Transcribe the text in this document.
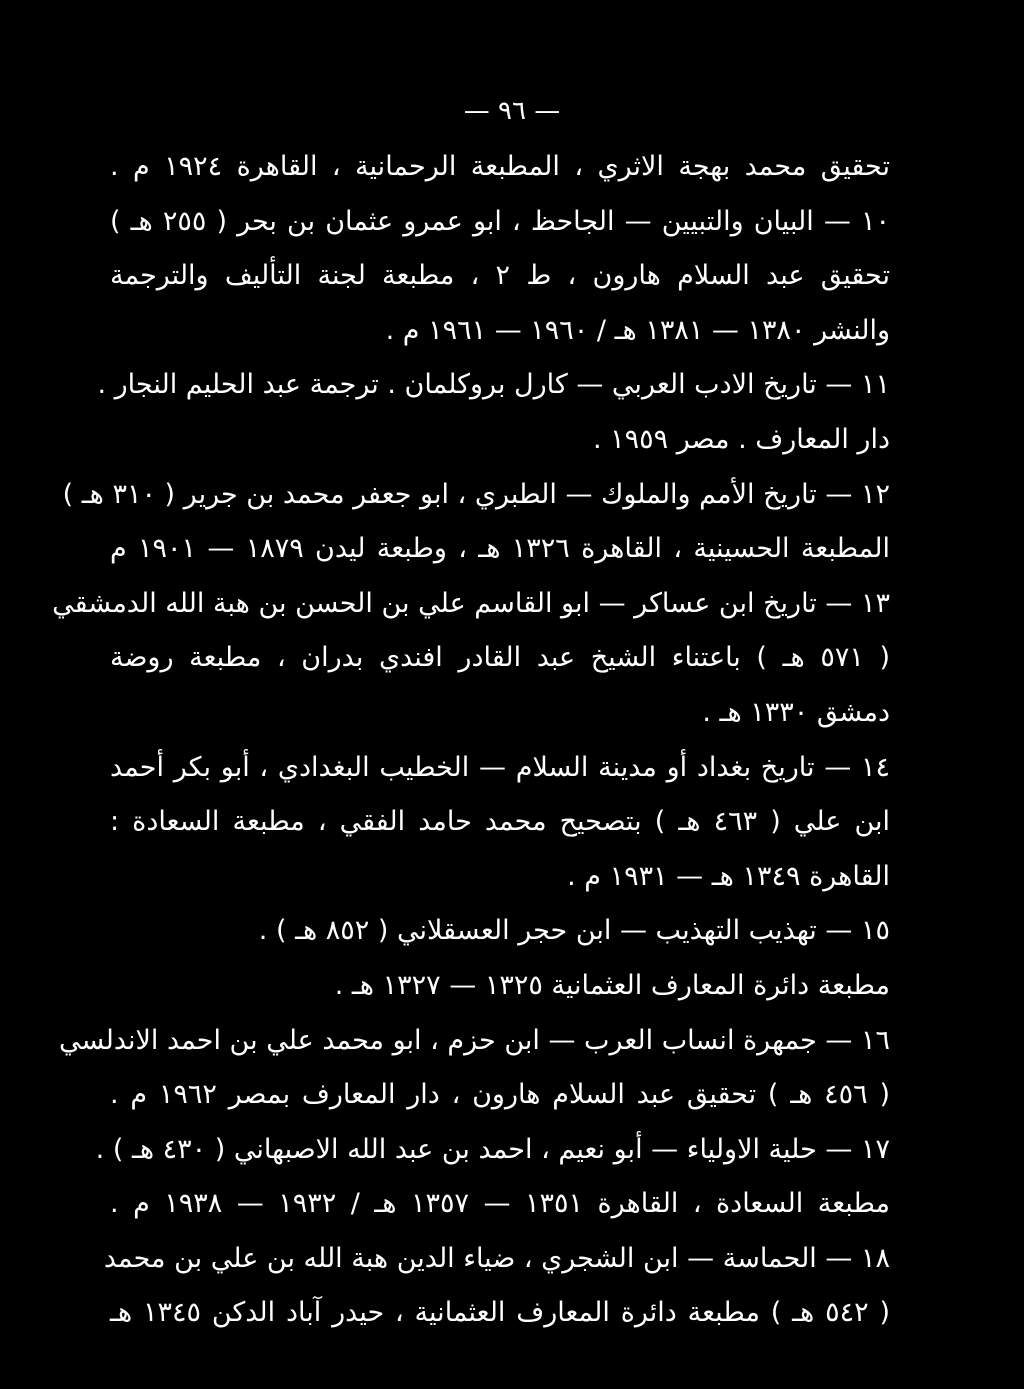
— ٩٦ —
تحقيق محمد بهجة الاثري ، المطبعة الرحمانية ، القاهرة ١٩٢٤ م .
١٠ — البيان والتبيين — الجاحظ ، ابو عمرو عثمان بن بحر ( ٢٥٥ هـ )
تحقيق عبد السلام هارون ، ط ٢ ، مطبعة لجنة التأليف والترجمة
والنشر ١٣٨٠ — ١٣٨١ هـ / ١٩٦٠ — ١٩٦١ م .
١١ — تاريخ الادب العربي — كارل بروكلمان . ترجمة عبد الحليم النجار .
دار المعارف . مصر ١٩٥٩ .
١٢ — تاريخ الأمم والملوك — الطبري ، ابو جعفر محمد بن جرير ( ٣١٠ هـ )
المطبعة الحسينية ، القاهرة ١٣٢٦ هـ ، وطبعة ليدن ١٨٧٩ — ١٩٠١ م
١٣ — تاريخ ابن عساكر — ابو القاسم علي بن الحسن بن هبة الله الدمشقي
( ٥٧١ هـ ) باعتناء الشيخ عبد القادر افندي بدران ، مطبعة روضة
دمشق ١٣٣٠ هـ .
١٤ — تاريخ بغداد أو مدينة السلام — الخطيب البغدادي ، أبو بكر أحمد
ابن علي ( ٤٦٣ هـ ) بتصحيح محمد حامد الفقي ، مطبعة السعادة :
القاهرة ١٣٤٩ هـ — ١٩٣١ م .
١٥ — تهذيب التهذيب — ابن حجر العسقلاني ( ٨٥٢ هـ ) .
مطبعة دائرة المعارف العثمانية ١٣٢٥ — ١٣٢٧ هـ .
١٦ — جمهرة انساب العرب — ابن حزم ، ابو محمد علي بن احمد الاندلسي
( ٤٥٦ هـ ) تحقيق عبد السلام هارون ، دار المعارف بمصر ١٩٦٢ م .
١٧ — حلية الاولياء — أبو نعيم ، احمد بن عبد الله الاصبهاني ( ٤٣٠ هـ ) .
مطبعة السعادة ، القاهرة ١٣٥١ — ١٣٥٧ هـ / ١٩٣٢ — ١٩٣٨ م .
١٨ — الحماسة — ابن الشجري ، ضياء الدين هبة الله بن علي بن محمد
( ٥٤٢ هـ ) مطبعة دائرة المعارف العثمانية ، حيدر آباد الدكن ١٣٤٥ هـ
